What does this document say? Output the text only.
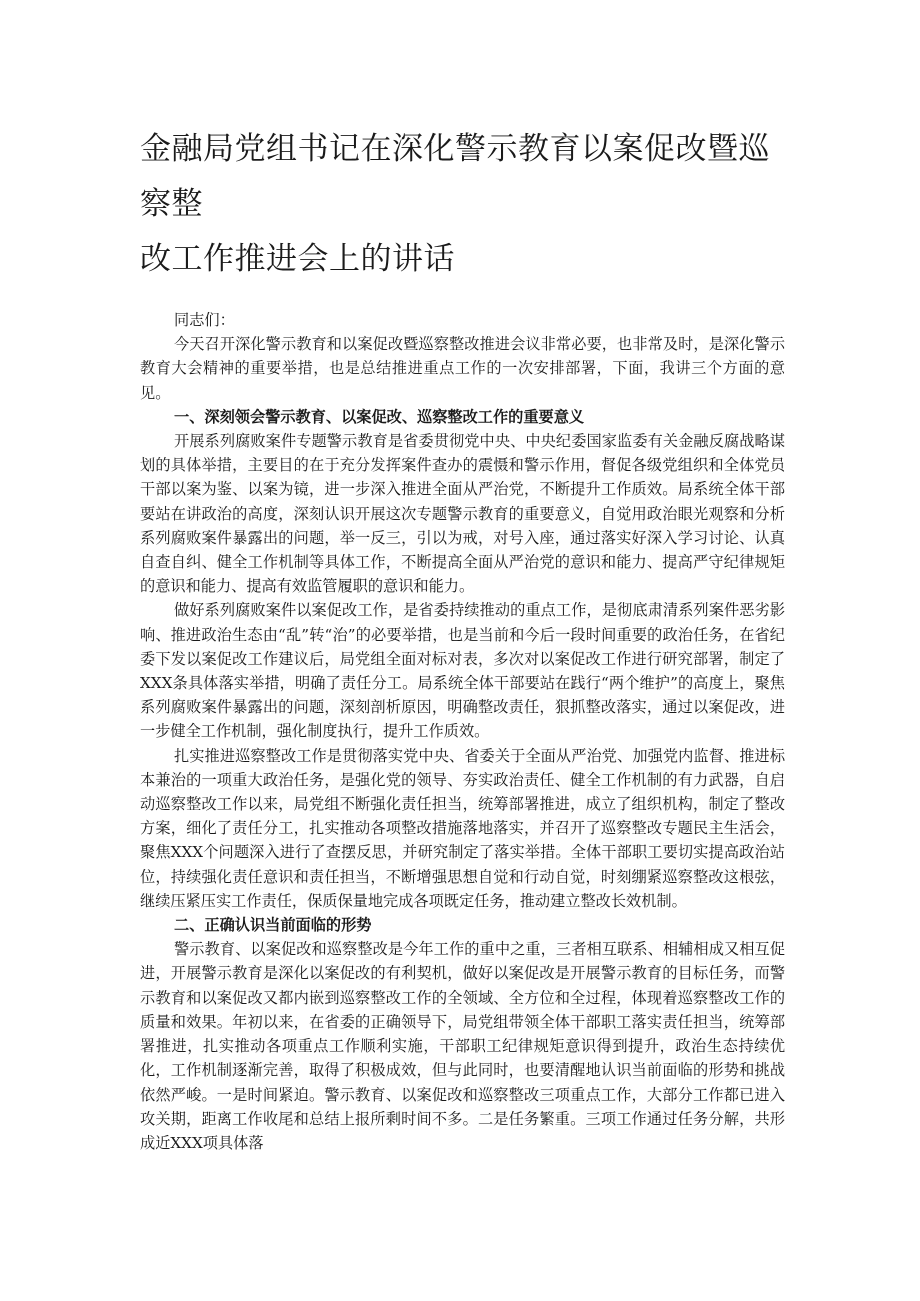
金融局党组书记在深化警示教育以案促改暨巡察整
改工作推进会上的讲话

同志们：

今天召开深化警示教育和以案促改暨巡察整改推进会议非常必要，也非常及时，是深化警示教育大会精神的重要举措，也是总结推进重点工作的一次安排部署，下面，我讲三个方面的意见。

一、深刻领会警示教育、以案促改、巡察整改工作的重要意义

开展系列腐败案件专题警示教育是省委贯彻党中央、中央纪委国家监委有关金融反腐战略谋划的具体举措，主要目的在于充分发挥案件查办的震慑和警示作用，督促各级党组织和全体党员干部以案为鉴、以案为镜，进一步深入推进全面从严治党，不断提升工作质效。局系统全体干部要站在讲政治的高度，深刻认识开展这次专题警示教育的重要意义，自觉用政治眼光观察和分析系列腐败案件暴露出的问题，举一反三，引以为戒，对号入座，通过落实好深入学习讨论、认真自查自纠、健全工作机制等具体工作，不断提高全面从严治党的意识和能力、提高严守纪律规矩的意识和能力、提高有效监管履职的意识和能力。

做好系列腐败案件以案促改工作，是省委持续推动的重点工作，是彻底肃清系列案件恶劣影响、推进政治生态由“乱”转“治”的必要举措，也是当前和今后一段时间重要的政治任务，在省纪委下发以案促改工作建议后，局党组全面对标对表，多次对以案促改工作进行研究部署，制定了XXX条具体落实举措，明确了责任分工。局系统全体干部要站在践行“两个维护”的高度上，聚焦系列腐败案件暴露出的问题，深刻剖析原因，明确整改责任，狠抓整改落实，通过以案促改，进一步健全工作机制，强化制度执行，提升工作质效。

扎实推进巡察整改工作是贯彻落实党中央、省委关于全面从严治党、加强党内监督、推进标本兼治的一项重大政治任务，是强化党的领导、夯实政治责任、健全工作机制的有力武器，自启动巡察整改工作以来，局党组不断强化责任担当，统筹部署推进，成立了组织机构，制定了整改方案，细化了责任分工，扎实推动各项整改措施落地落实，并召开了巡察整改专题民主生活会，聚焦XXX个问题深入进行了查摆反思，并研究制定了落实举措。全体干部职工要切实提高政治站位，持续强化责任意识和责任担当，不断增强思想自觉和行动自觉，时刻绷紧巡察整改这根弦，继续压紧压实工作责任，保质保量地完成各项既定任务，推动建立整改长效机制。

二、正确认识当前面临的形势

警示教育、以案促改和巡察整改是今年工作的重中之重，三者相互联系、相辅相成又相互促进，开展警示教育是深化以案促改的有利契机，做好以案促改是开展警示教育的目标任务，而警示教育和以案促改又都内嵌到巡察整改工作的全领域、全方位和全过程，体现着巡察整改工作的质量和效果。年初以来，在省委的正确领导下，局党组带领全体干部职工落实责任担当，统筹部署推进，扎实推动各项重点工作顺利实施，干部职工纪律规矩意识得到提升，政治生态持续优化，工作机制逐渐完善，取得了积极成效，但与此同时，也要清醒地认识当前面临的形势和挑战依然严峻。一是时间紧迫。警示教育、以案促改和巡察整改三项重点工作，大部分工作都已进入攻关期，距离工作收尾和总结上报所剩时间不多。二是任务繁重。三项工作通过任务分解，共形成近XXX项具体落
